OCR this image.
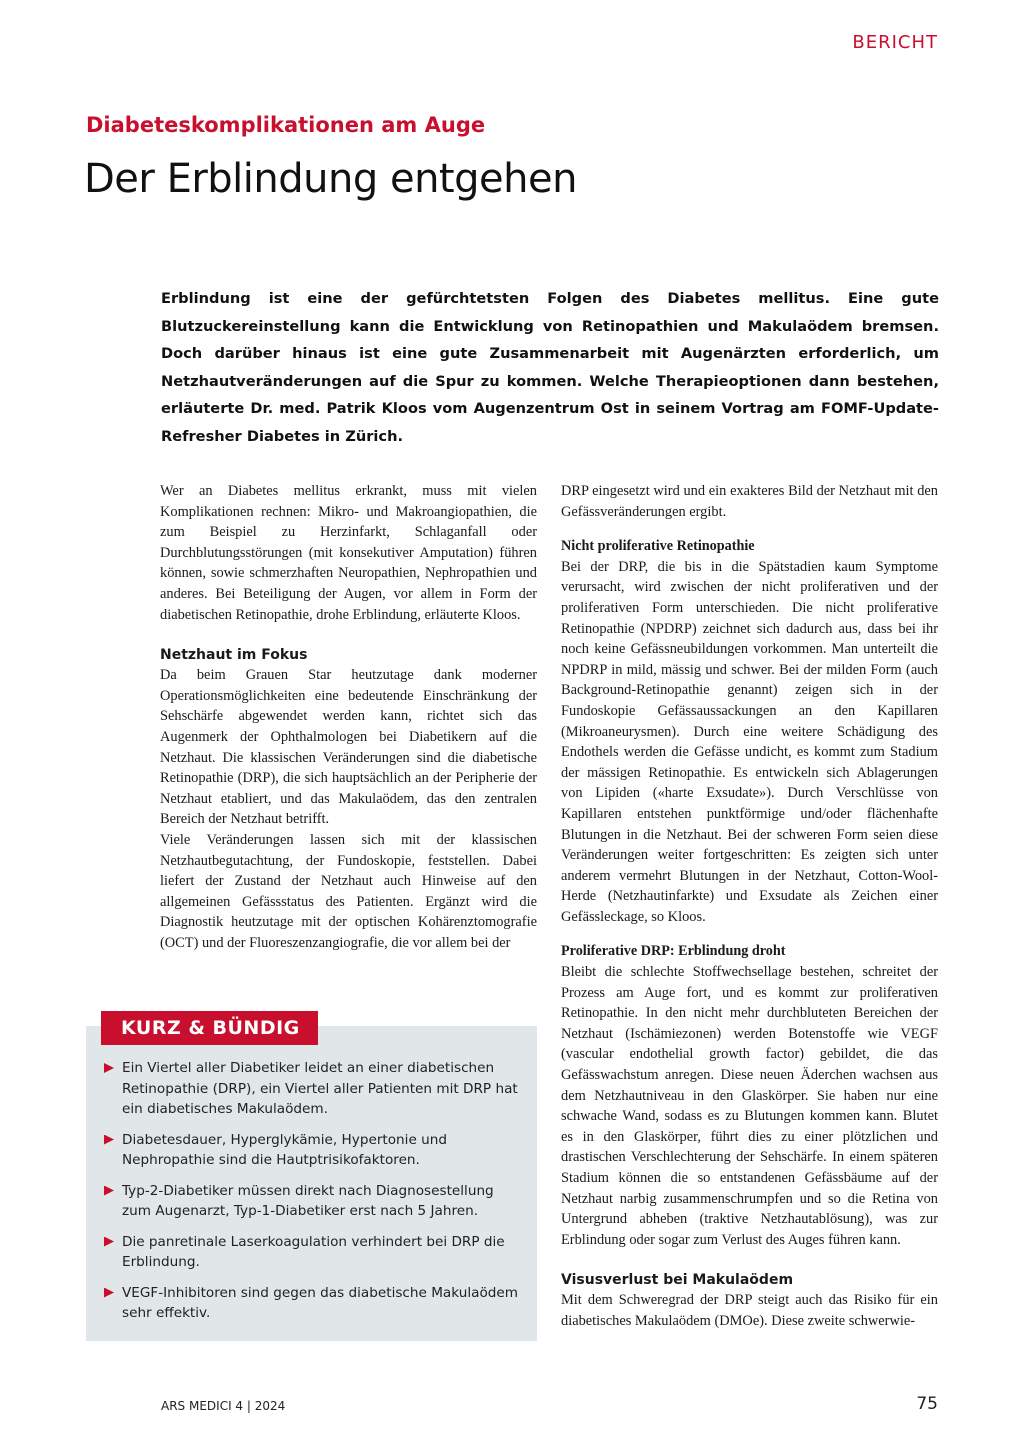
BERICHT
Diabeteskomplikationen am Auge
Der Erblindung entgehen

Erblindung ist eine der gefürchtetsten Folgen des Diabetes mellitus. Eine gute Blutzuckereinstellung kann die Entwicklung von Retinopathien und Makulaödem bremsen. Doch darüber hinaus ist eine gute Zusammenarbeit mit Augenärzten erforderlich, um Netzhautveränderungen auf die Spur zu kommen. Welche Therapieoptionen dann bestehen, erläuterte Dr. med. Patrik Kloos vom Augenzentrum Ost in seinem Vortrag am FOMF-Update-Refresher Diabetes in Zürich.

Wer an Diabetes mellitus erkrankt, muss mit vielen Komplikationen rechnen: Mikro- und Makroangiopathien, die zum Beispiel zu Herzinfarkt, Schlaganfall oder Durchblutungsstörungen (mit konsekutiver Amputation) führen können, sowie schmerzhaften Neuropathien, Nephropathien und anderes. Bei Beteiligung der Augen, vor allem in Form der diabetischen Retinopathie, drohe Erblindung, erläuterte Kloos.

Netzhaut im Fokus

Da beim Grauen Star heutzutage dank moderner Operationsmöglichkeiten eine bedeutende Einschränkung der Sehschärfe abgewendet werden kann, richtet sich das Augenmerk der Ophthalmologen bei Diabetikern auf die Netzhaut. Die klassischen Veränderungen sind die diabetische Retinopathie (DRP), die sich hauptsächlich an der Peripherie der Netzhaut etabliert, und das Makulaödem, das den zentralen Bereich der Netzhaut betrifft.

Viele Veränderungen lassen sich mit der klassischen Netzhautbegutachtung, der Fundoskopie, feststellen. Dabei liefert der Zustand der Netzhaut auch Hinweise auf den allgemeinen Gefässstatus des Patienten. Ergänzt wird die Diagnostik heutzutage mit der optischen Kohärenztomografie (OCT) und der Fluoreszenzangiografie, die vor allem bei der

DRP eingesetzt wird und ein exakteres Bild der Netzhaut mit den Gefässveränderungen ergibt.

Nicht proliferative Retinopathie

Bei der DRP, die bis in die Spätstadien kaum Symptome verursacht, wird zwischen der nicht proliferativen und der proliferativen Form unterschieden. Die nicht proliferative Retinopathie (NPDRP) zeichnet sich dadurch aus, dass bei ihr noch keine Gefässneubildungen vorkommen. Man unterteilt die NPDRP in mild, mässig und schwer. Bei der milden Form (auch Background-Retinopathie genannt) zeigen sich in der Fundoskopie Gefässaussackungen an den Kapillaren (Mikroaneurysmen). Durch eine weitere Schädigung des Endothels werden die Gefässe undicht, es kommt zum Stadium der mässigen Retinopathie. Es entwickeln sich Ablagerungen von Lipiden («harte Exsudate»). Durch Verschlüsse von Kapillaren entstehen punktförmige und/oder flächenhafte Blutungen in die Netzhaut. Bei der schweren Form seien diese Veränderungen weiter fortgeschritten: Es zeigten sich unter anderem vermehrt Blutungen in der Netzhaut, Cotton-Wool-Herde (Netzhautinfarkte) und Exsudate als Zeichen einer Gefässleckage, so Kloos.

Proliferative DRP: Erblindung droht

Bleibt die schlechte Stoffwechsellage bestehen, schreitet der Prozess am Auge fort, und es kommt zur proliferativen Retinopathie. In den nicht mehr durchbluteten Bereichen der Netzhaut (Ischämiezonen) werden Botenstoffe wie VEGF (vascular endothelial growth factor) gebildet, die das Gefässwachstum anregen. Diese neuen Äderchen wachsen aus dem Netzhautniveau in den Glaskörper. Sie haben nur eine schwache Wand, sodass es zu Blutungen kommen kann. Blutet es in den Glaskörper, führt dies zu einer plötzlichen und drastischen Verschlechterung der Sehschärfe. In einem späteren Stadium können die so entstandenen Gefässbäume auf der Netzhaut narbig zusammenschrumpfen und so die Retina von Untergrund abheben (traktive Netzhautablösung), was zur Erblindung oder sogar zum Verlust des Auges führen kann.

Visusverlust bei Makulaödem

Mit dem Schweregrad der DRP steigt auch das Risiko für ein diabetisches Makulaödem (DMOe). Diese zweite schwerwie-

KURZ & BÜNDIG
Ein Viertel aller Diabetiker leidet an einer diabetischen Retinopathie (DRP), ein Viertel aller Patienten mit DRP hat ein diabetisches Makulaödem.
Diabetesdauer, Hyperglykämie, Hypertonie und Nephropathie sind die Hautptrisikofaktoren.
Typ-2-Diabetiker müssen direkt nach Diagnosestellung zum Augenarzt, Typ-1-Diabetiker erst nach 5 Jahren.
Die panretinale Laserkoagulation verhindert bei DRP die Erblindung.
VEGF-Inhibitoren sind gegen das diabetische Makulaödem sehr effektiv.
ARS MEDICI 4 | 2024	75
